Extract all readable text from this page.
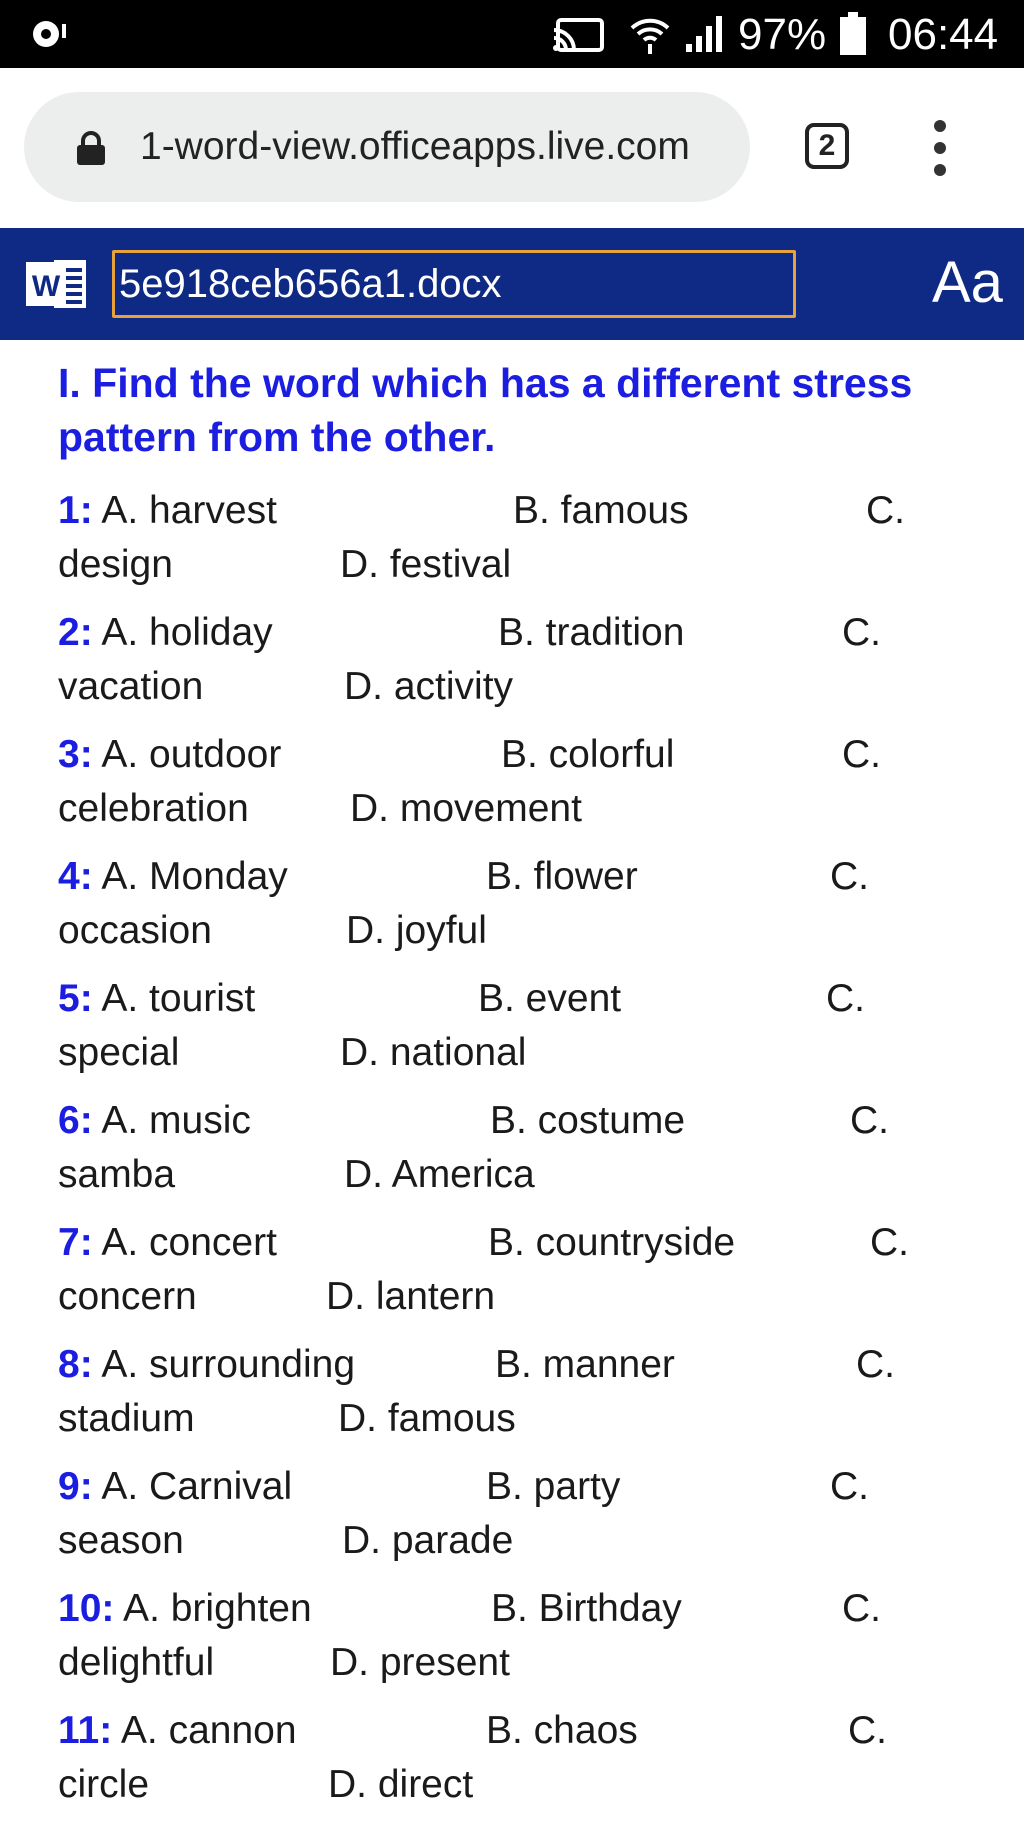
97% 06:44
1-word-view.officeapps.live.com	2
W 5e918ceb656a1.docx	Aa
I. Find the word which has a different stress pattern from the other.
1: A. harvest	B. famous	C.
design	D. festival
2: A. holiday	B. tradition	C.
vacation	D. activity
3: A. outdoor	B. colorful	C.
celebration	D. movement
4: A. Monday	B. flower	C.
occasion	D. joyful
5: A. tourist	B. event	C.
special	D. national
6: A. music	B. costume	C.
samba	D. America
7: A. concert	B. countryside	C.
concern	D. lantern
8: A. surrounding	B. manner	C.
stadium	D. famous
9: A. Carnival	B. party	C.
season	D. parade
10: A. brighten	B. Birthday	C.
delightful	D. present
11: A. cannon	B. chaos	C.
circle	D. direct
